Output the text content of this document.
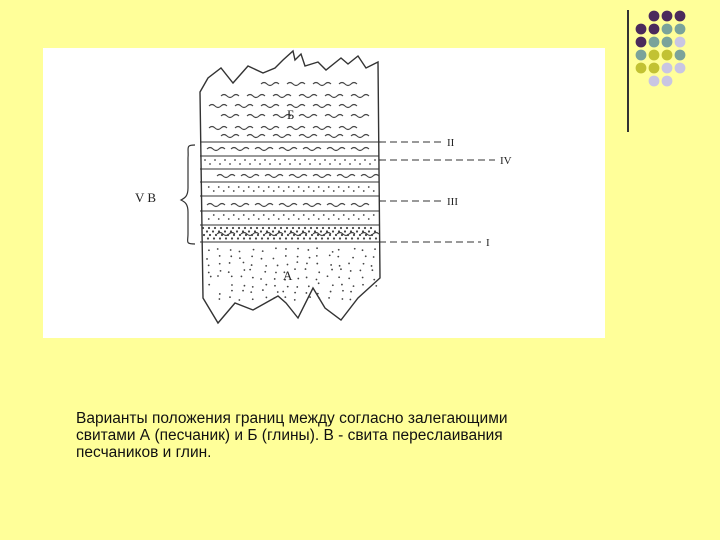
Б
А
V В
II
IV
III
I
Варианты положения границ между согласно залегающими
свитами А (песчаник) и Б (глины). В - свита переслаивания
песчаников и глин.
